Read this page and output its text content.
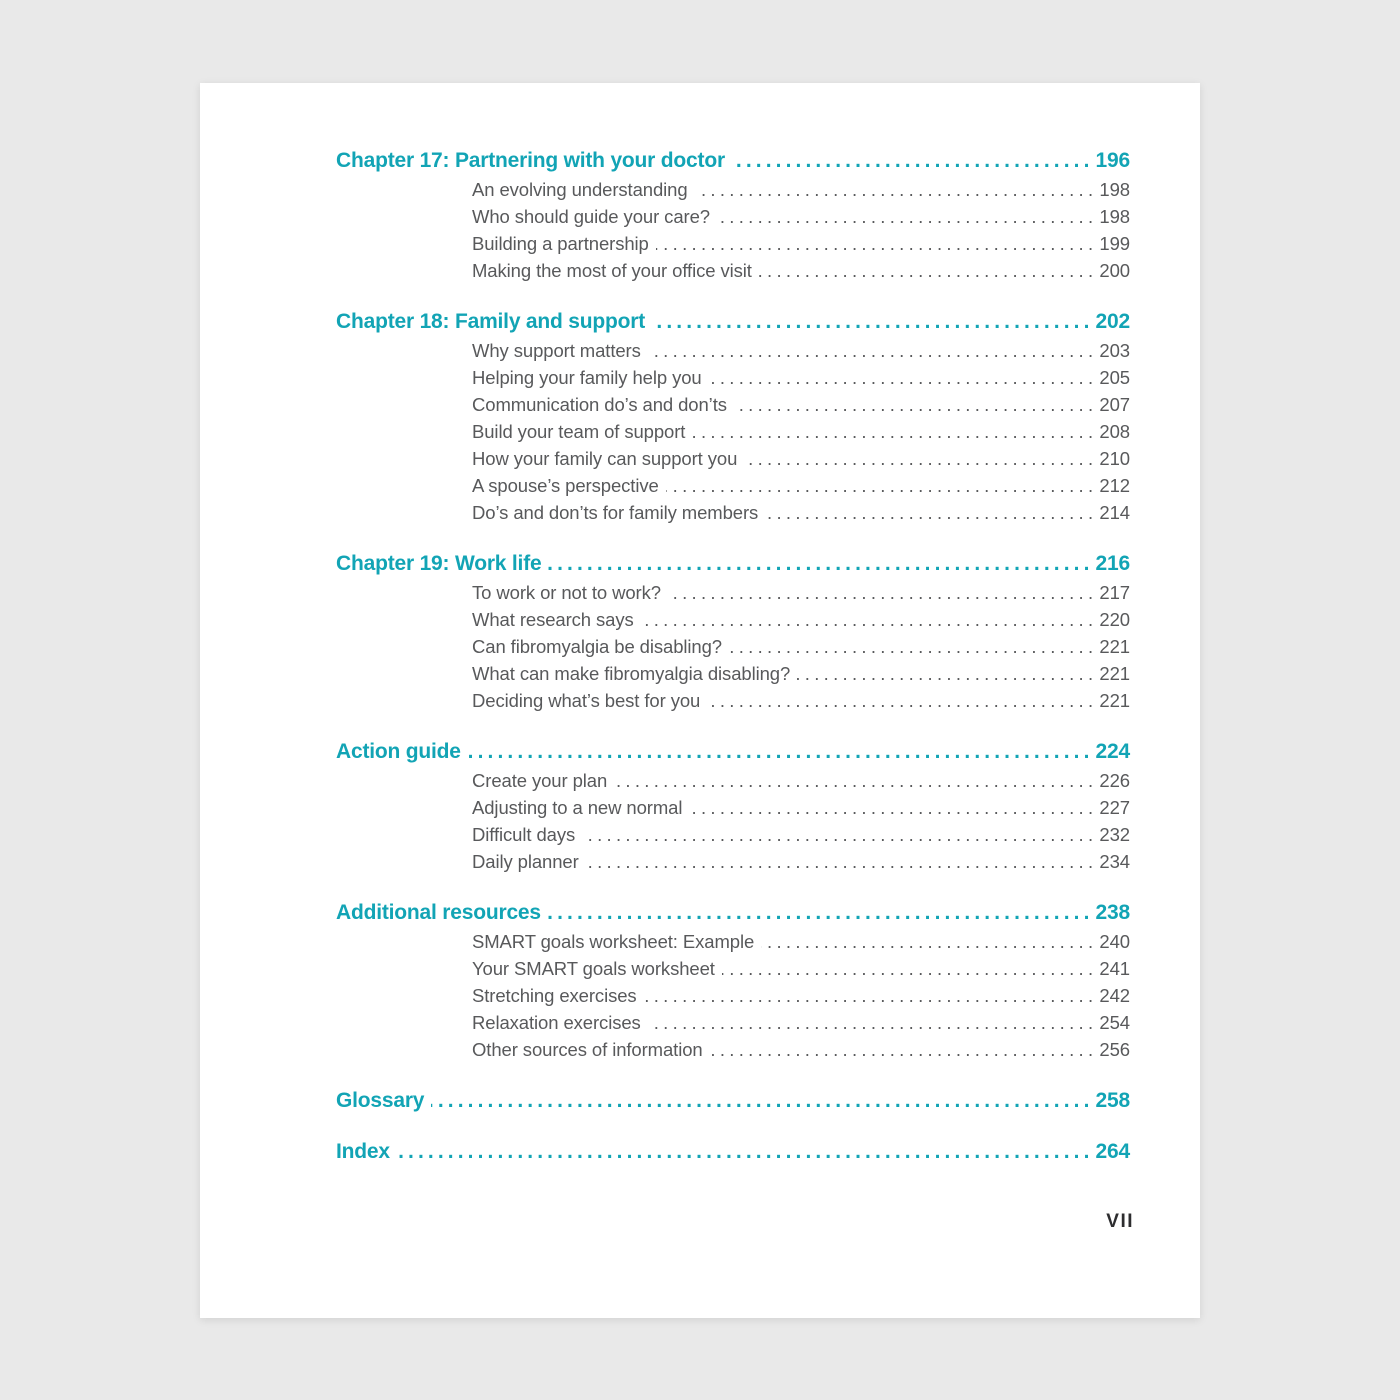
Chapter 17: Partnering with your doctor .....	196
An evolving understanding .....	198
Who should guide your care? .....	198
Building a partnership .....	199
Making the most of your office visit .....	200
Chapter 18: Family and support .....	202
Why support matters .....	203
Helping your family help you .....	205
Communication do’s and don’ts .....	207
Build your team of support .....	208
How your family can support you .....	210
A spouse’s perspective .....	212
Do’s and don’ts for family members .....	214
Chapter 19: Work life .....	216
To work or not to work? .....	217
What research says .....	220
Can fibromyalgia be disabling? .....	221
What can make fibromyalgia disabling? .....	221
Deciding what’s best for you .....	221
Action guide .....	224
Create your plan .....	226
Adjusting to a new normal .....	227
Difficult days .....	232
Daily planner .....	234
Additional resources .....	238
SMART goals worksheet: Example .....	240
Your SMART goals worksheet .....	241
Stretching exercises .....	242
Relaxation exercises .....	254
Other sources of information .....	256
Glossary .....	258
Index .....	264
VII
